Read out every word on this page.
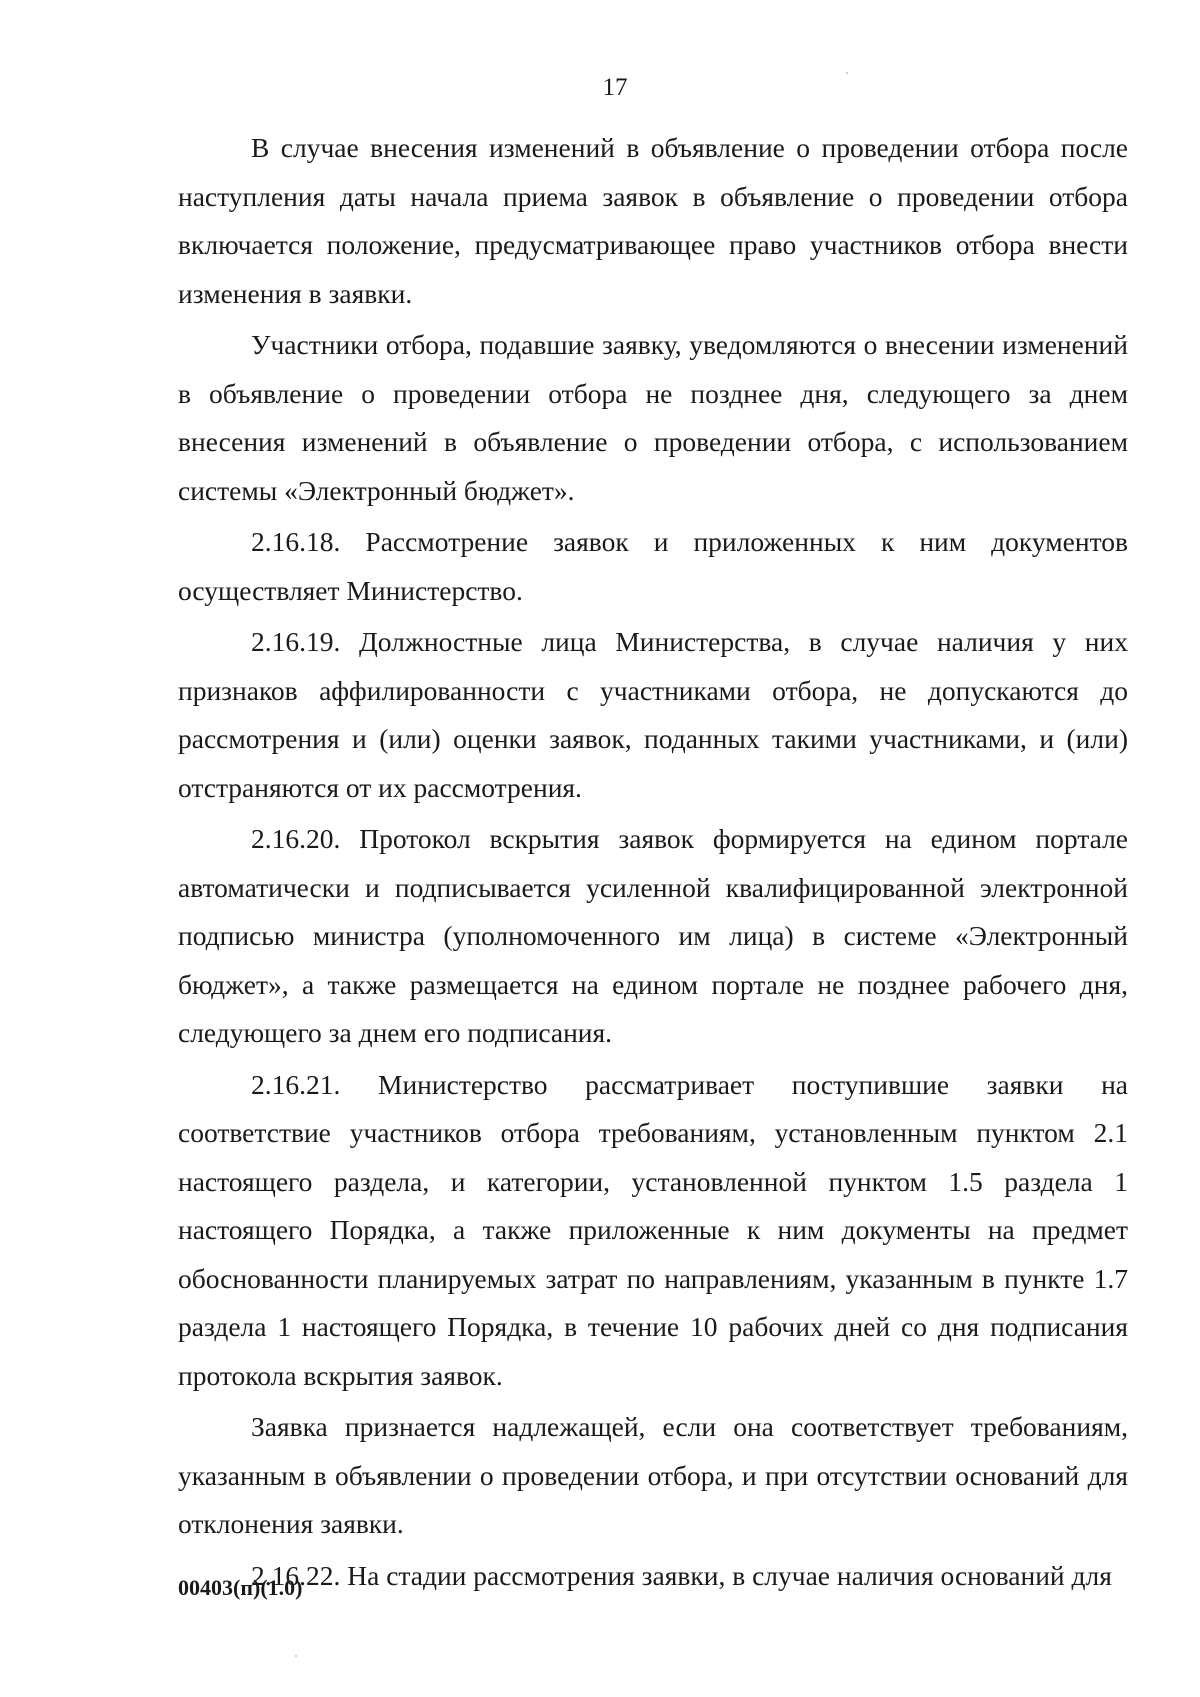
17

В случае внесения изменений в объявление о проведении отбора после наступления даты начала приема заявок в объявление о проведении отбора включается положение, предусматривающее право участников отбора внести изменения в заявки.

Участники отбора, подавшие заявку, уведомляются о внесении изменений в объявление о проведении отбора не позднее дня, следующего за днем внесения изменений в объявление о проведении отбора, с использованием системы «Электронный бюджет».

2.16.18. Рассмотрение заявок и приложенных к ним документов осуществляет Министерство.

2.16.19. Должностные лица Министерства, в случае наличия у них признаков аффилированности с участниками отбора, не допускаются до рассмотрения и (или) оценки заявок, поданных такими участниками, и (или) отстраняются от их рассмотрения.

2.16.20. Протокол вскрытия заявок формируется на едином портале автоматически и подписывается усиленной квалифицированной электронной подписью министра (уполномоченного им лица) в системе «Электронный бюджет», а также размещается на едином портале не позднее рабочего дня, следующего за днем его подписания.

2.16.21. Министерство рассматривает поступившие заявки на соответствие участников отбора требованиям, установленным пунктом 2.1 настоящего раздела, и категории, установленной пунктом 1.5 раздела 1 настоящего Порядка, а также приложенные к ним документы на предмет обоснованности планируемых затрат по направлениям, указанным в пункте 1.7 раздела 1 настоящего Порядка, в течение 10 рабочих дней со дня подписания протокола вскрытия заявок.

Заявка признается надлежащей, если она соответствует требованиям, указанным в объявлении о проведении отбора, и при отсутствии оснований для отклонения заявки.

2.16.22. На стадии рассмотрения заявки, в случае наличия оснований для

00403(п)(1.0)
